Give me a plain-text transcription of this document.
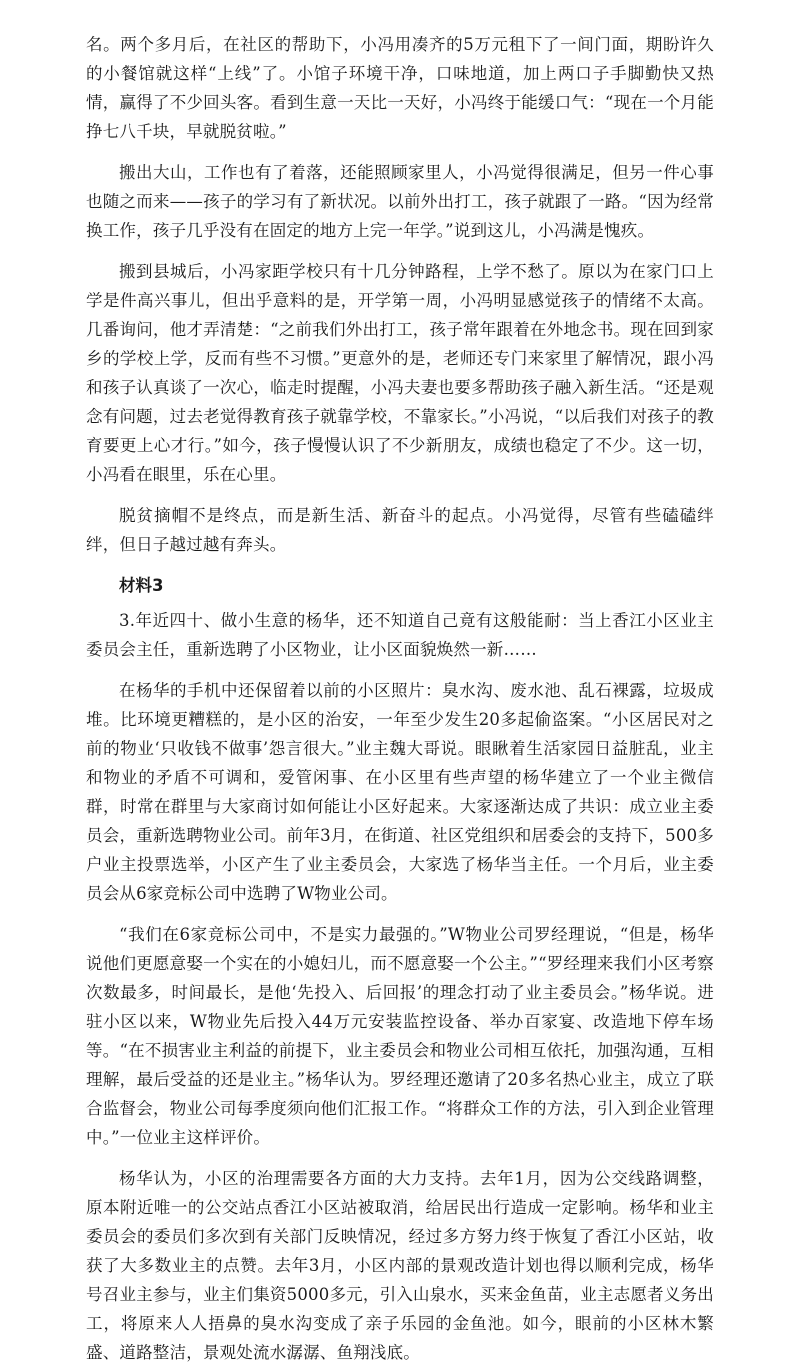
名。两个多月后，在社区的帮助下，小冯用凑齐的5万元租下了一间门面，期盼许久的小餐馆就这样“上线”了。小馆子环境干净，口味地道，加上两口子手脚勤快又热情，赢得了不少回头客。看到生意一天比一天好，小冯终于能缓口气：“现在一个月能挣七八千块，早就脱贫啦。”

搬出大山，工作也有了着落，还能照顾家里人，小冯觉得很满足，但另一件心事也随之而来——孩子的学习有了新状况。以前外出打工，孩子就跟了一路。“因为经常换工作，孩子几乎没有在固定的地方上完一年学。”说到这儿，小冯满是愧疚。

搬到县城后，小冯家距学校只有十几分钟路程，上学不愁了。原以为在家门口上学是件高兴事儿，但出乎意料的是，开学第一周，小冯明显感觉孩子的情绪不太高。几番询问，他才弄清楚：“之前我们外出打工，孩子常年跟着在外地念书。现在回到家乡的学校上学，反而有些不习惯。”更意外的是，老师还专门来家里了解情况，跟小冯和孩子认真谈了一次心，临走时提醒，小冯夫妻也要多帮助孩子融入新生活。“还是观念有问题，过去老觉得教育孩子就靠学校，不靠家长。”小冯说，“以后我们对孩子的教育要更上心才行。”如今，孩子慢慢认识了不少新朋友，成绩也稳定了不少。这一切，小冯看在眼里，乐在心里。

脱贫摘帽不是终点，而是新生活、新奋斗的起点。小冯觉得，尽管有些磕磕绊绊，但日子越过越有奔头。

材料3

3.年近四十、做小生意的杨华，还不知道自己竟有这般能耐：当上香江小区业主委员会主任，重新选聘了小区物业，让小区面貌焕然一新……

在杨华的手机中还保留着以前的小区照片：臭水沟、废水池、乱石裸露，垃圾成堆。比环境更糟糕的，是小区的治安，一年至少发生20多起偷盗案。“小区居民对之前的物业‘只收钱不做事’怨言很大。”业主魏大哥说。眼瞅着生活家园日益脏乱，业主和物业的矛盾不可调和，爱管闲事、在小区里有些声望的杨华建立了一个业主微信群，时常在群里与大家商讨如何能让小区好起来。大家逐渐达成了共识：成立业主委员会，重新选聘物业公司。前年3月，在街道、社区党组织和居委会的支持下，500多户业主投票选举，小区产生了业主委员会，大家选了杨华当主任。一个月后，业主委员会从6家竞标公司中选聘了W物业公司。

“我们在6家竞标公司中，不是实力最强的。”W物业公司罗经理说，“但是，杨华说他们更愿意娶一个实在的小媳妇儿，而不愿意娶一个公主。”“罗经理来我们小区考察次数最多，时间最长，是他‘先投入、后回报’的理念打动了业主委员会。”杨华说。进驻小区以来，W物业先后投入44万元安装监控设备、举办百家宴、改造地下停车场等。“在不损害业主利益的前提下，业主委员会和物业公司相互依托，加强沟通，互相理解，最后受益的还是业主。”杨华认为。罗经理还邀请了20多名热心业主，成立了联合监督会，物业公司每季度须向他们汇报工作。“将群众工作的方法，引入到企业管理中。”一位业主这样评价。

杨华认为，小区的治理需要各方面的大力支持。去年1月，因为公交线路调整，原本附近唯一的公交站点香江小区站被取消，给居民出行造成一定影响。杨华和业主委员会的委员们多次到有关部门反映情况，经过多方努力终于恢复了香江小区站，收获了大多数业主的点赞。去年3月，小区内部的景观改造计划也得以顺利完成，杨华号召业主参与，业主们集资5000多元，引入山泉水，买来金鱼苗，业主志愿者义务出工，将原来人人捂鼻的臭水沟变成了亲子乐园的金鱼池。如今，眼前的小区林木繁盛、道路整洁，景观处流水潺潺、鱼翔浅底。
